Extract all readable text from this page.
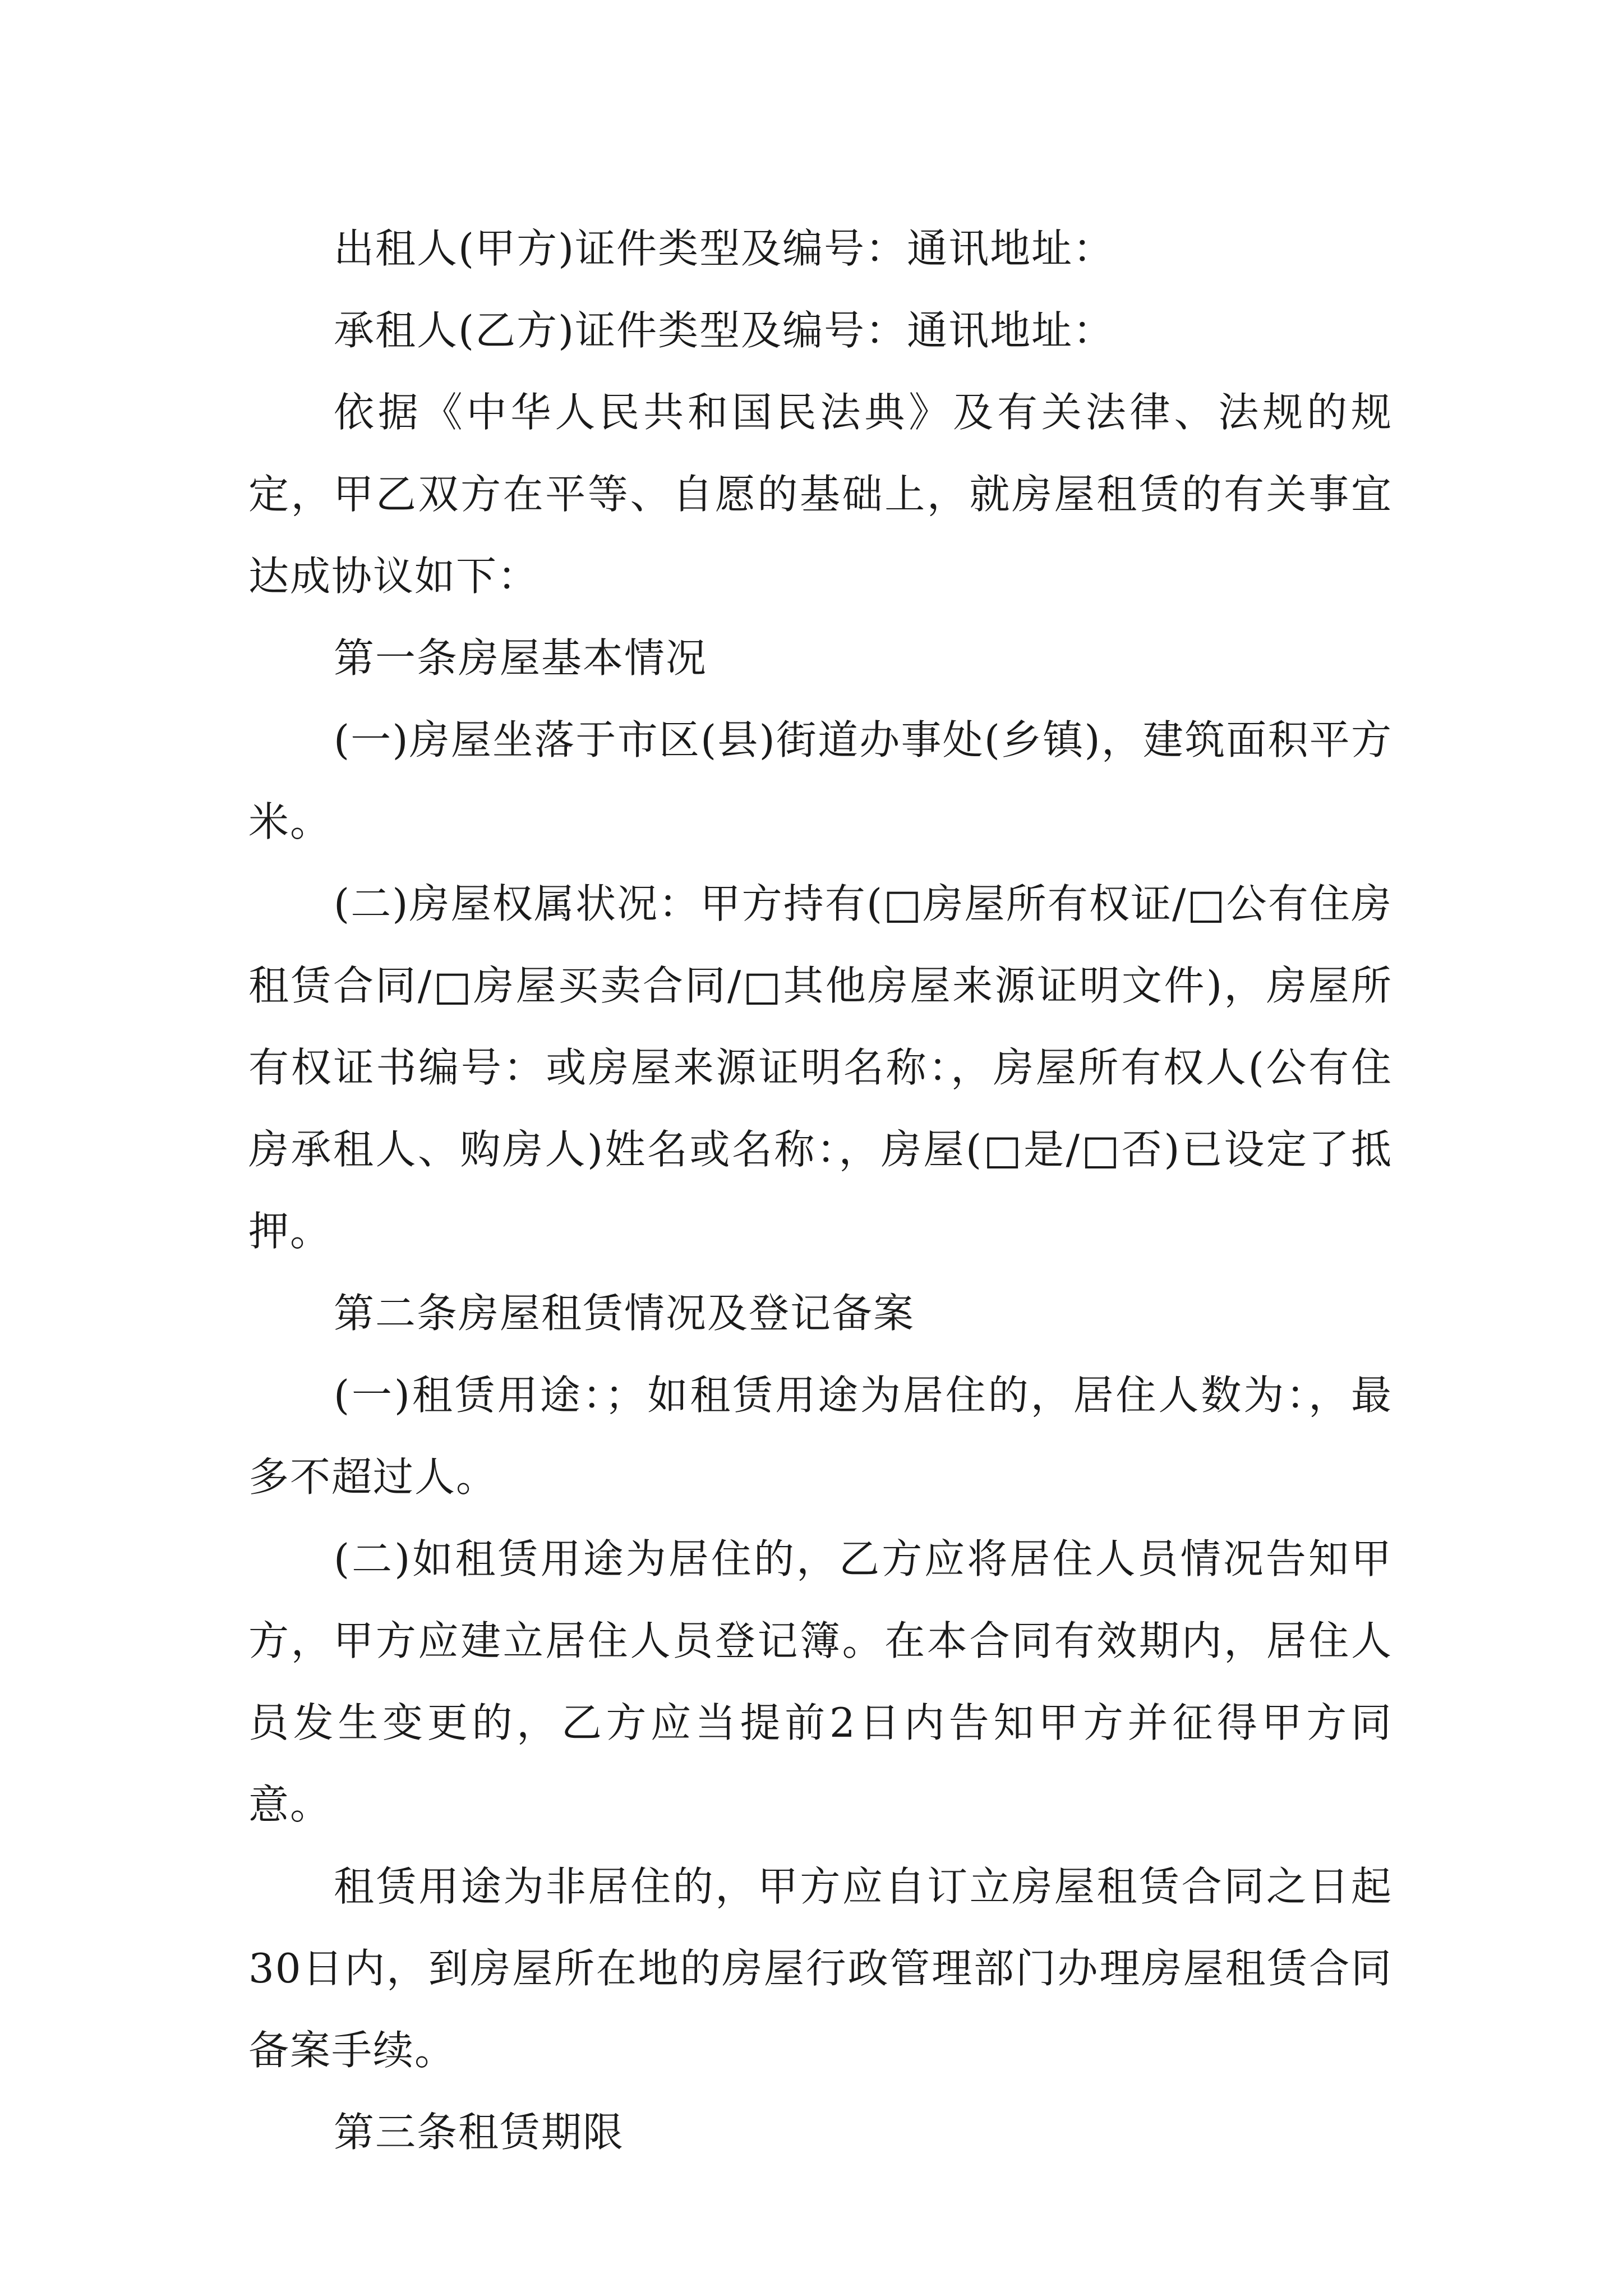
出租人(甲方)证件类型及编号：通讯地址：

承租人(乙方)证件类型及编号：通讯地址：

依据《中华人民共和国民法典》及有关法律、法规的规定，甲乙双方在平等、自愿的基础上，就房屋租赁的有关事宜达成协议如下：

第一条房屋基本情况

(一)房屋坐落于市区(县)街道办事处(乡镇)，建筑面积平方米。

(二)房屋权属状况：甲方持有(□房屋所有权证/□公有住房租赁合同/□房屋买卖合同/□其他房屋来源证明文件)，房屋所有权证书编号：或房屋来源证明名称：，房屋所有权人(公有住房承租人、购房人)姓名或名称：，房屋(□是/□否)已设定了抵押。

第二条房屋租赁情况及登记备案

(一)租赁用途：；如租赁用途为居住的，居住人数为：，最多不超过人。

(二)如租赁用途为居住的，乙方应将居住人员情况告知甲方，甲方应建立居住人员登记簿。在本合同有效期内，居住人员发生变更的，乙方应当提前2日内告知甲方并征得甲方同意。

租赁用途为非居住的，甲方应自订立房屋租赁合同之日起30日内，到房屋所在地的房屋行政管理部门办理房屋租赁合同备案手续。

第三条租赁期限
